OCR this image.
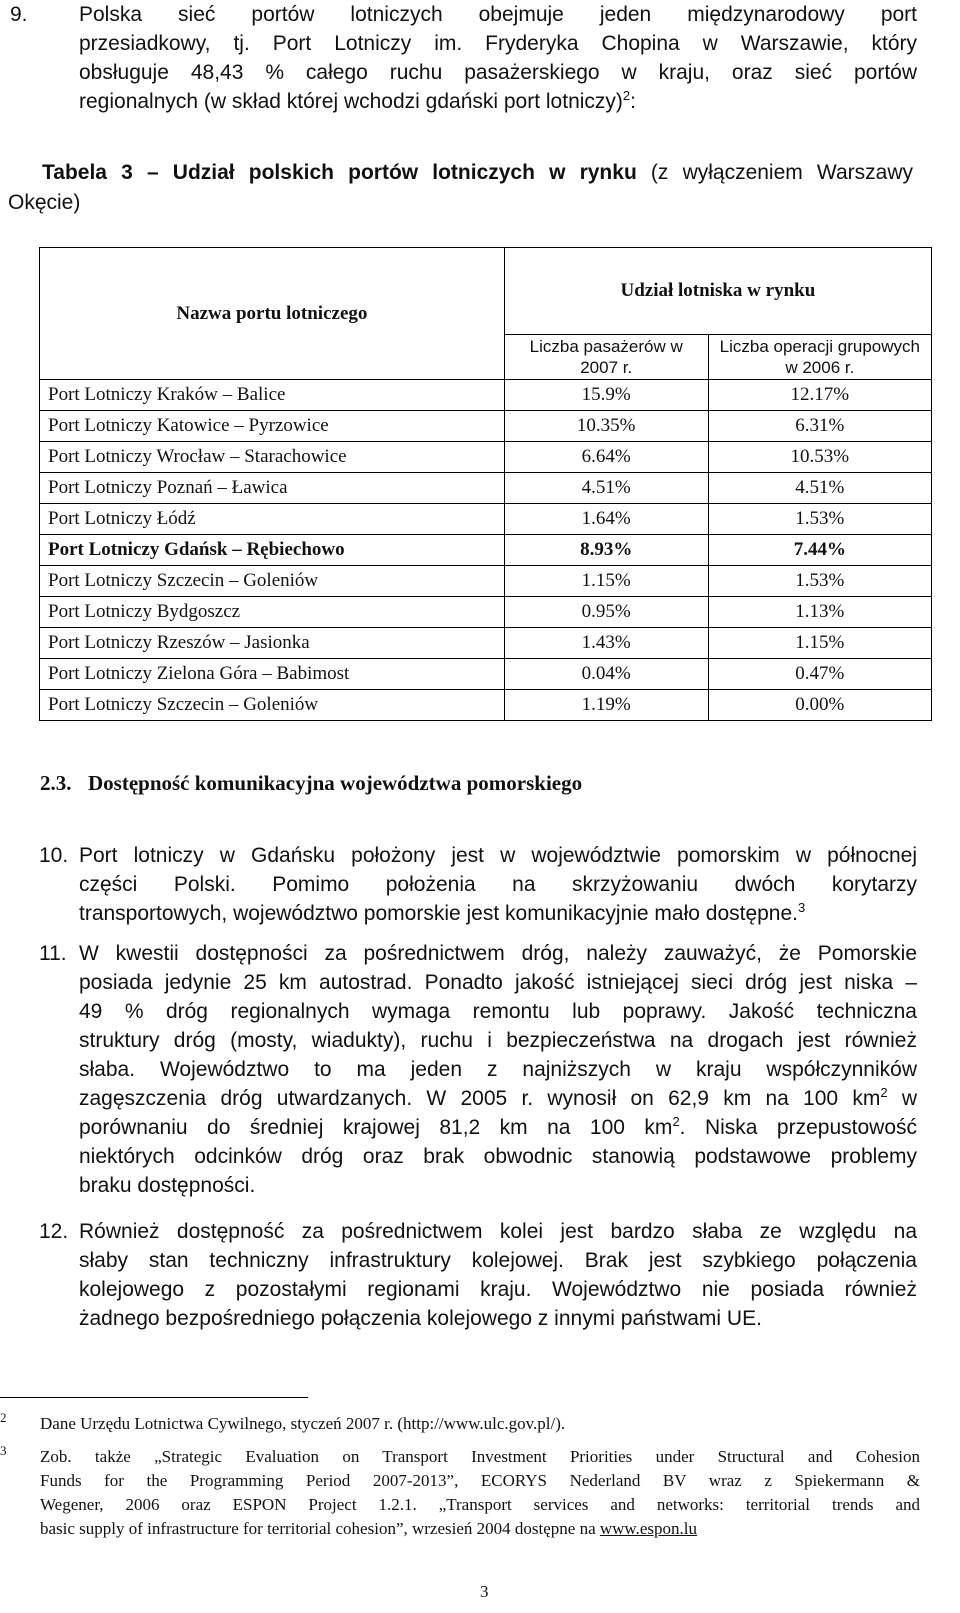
9. Polska sieć portów lotniczych obejmuje jeden międzynarodowy port
przesiadkowy, tj. Port Lotniczy im. Fryderyka Chopina w Warszawie, który
obsługuje 48,43 % całego ruchu pasażerskiego w kraju, oraz sieć portów
regionalnych (w skład której wchodzi gdański port lotniczy)$^2$:
Tabela 3 – Udział polskich portów lotniczych w rynku (z wyłączeniem Warszawy
Okęcie)
Nazwa portu lotniczego	Udział lotniska w rynku	
	Liczba pasażerów w 2007 r.	Liczba operacji grupowych w 2006 r.
Port Lotniczy Kraków – Balice	15.9%	12.17%
Port Lotniczy Katowice – Pyrzowice	10.35%	6.31%
Port Lotniczy Wrocław – Starachowice	6.64%	10.53%
Port Lotniczy Poznań – Ławica	4.51%	4.51%
Port Lotniczy Łódź	1.64%	1.53%
Port Lotniczy Gdańsk – Rębiechowo	8.93%	7.44%
Port Lotniczy Szczecin – Goleniów	1.15%	1.53%
Port Lotniczy Bydgoszcz	0.95%	1.13%
Port Lotniczy Rzeszów – Jasionka	1.43%	1.15%
Port Lotniczy Zielona Góra – Babimost	0.04%	0.47%
Port Lotniczy Szczecin – Goleniów	1.19%	0.00%
2.3. Dostępność komunikacyjna województwa pomorskiego
10. Port lotniczy w Gdańsku położony jest w województwie pomorskim w północnej
części Polski. Pomimo położenia na skrzyżowaniu dwóch korytarzy
transportowych, województwo pomorskie jest komunikacyjnie mało dostępne.$^3$
11. W kwestii dostępności za pośrednictwem dróg, należy zauważyć, że Pomorskie
posiada jedynie 25 km autostrad. Ponadto jakość istniejącej sieci dróg jest niska –
49 % dróg regionalnych wymaga remontu lub poprawy. Jakość techniczna
struktury dróg (mosty, wiadukty), ruchu i bezpieczeństwa na drogach jest również
słaba. Województwo to ma jeden z najniższych w kraju współczynników
zagęszczenia dróg utwardzanych. W 2005 r. wynosił on 62,9 km na 100 $km^2$ w
porównaniu do średniej krajowej 81,2 km na 100 $km^2$. Niska przepustowość
niektórych odcinków dróg oraz brak obwodnic stanowią podstawowe problemy
braku dostępności.
12. Również dostępność za pośrednictwem kolei jest bardzo słaba ze względu na
słaby stan techniczny infrastruktury kolejowej. Brak jest szybkiego połączenia
kolejowego z pozostałymi regionami kraju. Województwo nie posiada również
żadnego bezpośredniego połączenia kolejowego z innymi państwami UE.
2 Dane Urzędu Lotnictwa Cywilnego, styczeń 2007 r. (http://www.ulc.gov.pl/).
3 Zob. także „Strategic Evaluation on Transport Investment Priorities under Structural and Cohesion
Funds for the Programming Period 2007-2013”, ECORYS Nederland BV wraz z Spiekermann &
Wegener, 2006 oraz ESPON Project 1.2.1. „Transport services and networks: territorial trends and
basic supply of infrastructure for territorial cohesion”, wrzesień 2004 dostępne na www.espon.lu
3
